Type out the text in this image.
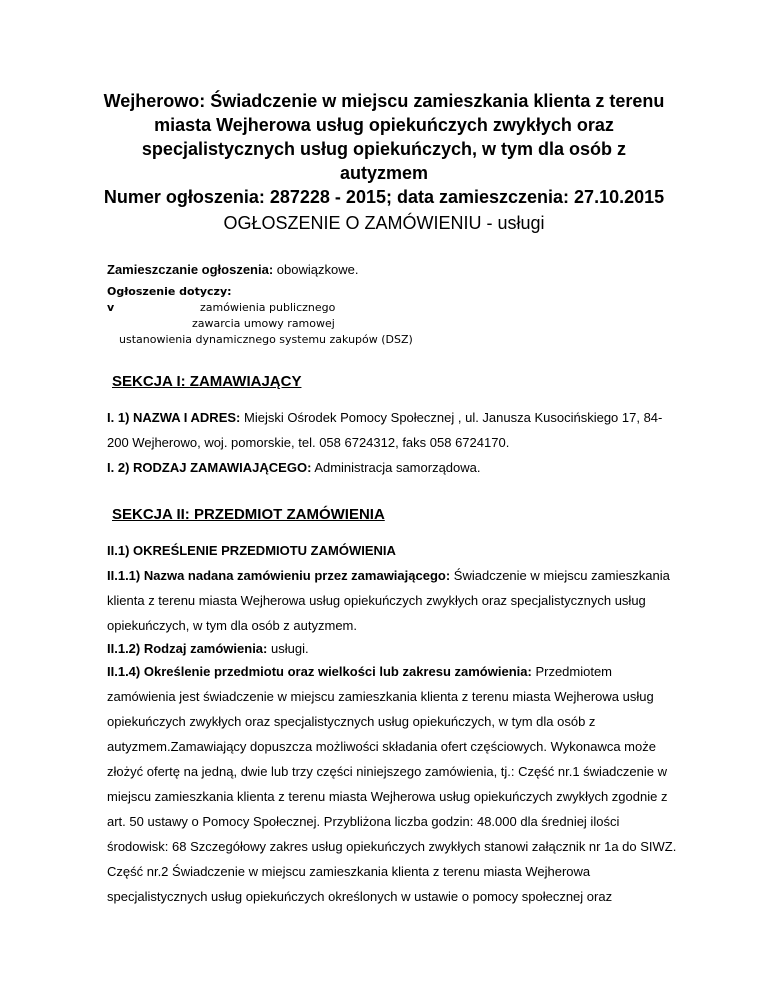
Wejherowo: Świadczenie w miejscu zamieszkania klienta z terenu
miasta Wejherowa usług opiekuńczych zwykłych oraz
specjalistycznych usług opiekuńczych, w tym dla osób z
autyzmem
Numer ogłoszenia: 287228 - 2015; data zamieszczenia: 27.10.2015
OGŁOSZENIE O ZAMÓWIENIU - usługi
Zamieszczanie ogłoszenia: obowiązkowe.
Ogłoszenie dotyczy:
v	zamówienia publicznego
zawarcia umowy ramowej
ustanowienia dynamicznego systemu zakupów (DSZ)
SEKCJA I: ZAMAWIAJĄCY
I. 1) NAZWA I ADRES: Miejski Ośrodek Pomocy Społecznej , ul. Janusza Kusocińskiego 17, 84-
200 Wejherowo, woj. pomorskie, tel. 058 6724312, faks 058 6724170.
I. 2) RODZAJ ZAMAWIAJĄCEGO: Administracja samorządowa.
SEKCJA II: PRZEDMIOT ZAMÓWIENIA
II.1) OKREŚLENIE PRZEDMIOTU ZAMÓWIENIA
II.1.1) Nazwa nadana zamówieniu przez zamawiającego: Świadczenie w miejscu zamieszkania
klienta z terenu miasta Wejherowa usług opiekuńczych zwykłych oraz specjalistycznych usług
opiekuńczych, w tym dla osób z autyzmem.
II.1.2) Rodzaj zamówienia: usługi.
II.1.4) Określenie przedmiotu oraz wielkości lub zakresu zamówienia: Przedmiotem
zamówienia jest świadczenie w miejscu zamieszkania klienta z terenu miasta Wejherowa usług
opiekuńczych zwykłych oraz specjalistycznych usług opiekuńczych, w tym dla osób z
autyzmem.Zamawiający dopuszcza możliwości składania ofert częściowych. Wykonawca może
złożyć ofertę na jedną, dwie lub trzy części niniejszego zamówienia, tj.: Część nr.1 świadczenie w
miejscu zamieszkania klienta z terenu miasta Wejherowa usług opiekuńczych zwykłych zgodnie z
art. 50 ustawy o Pomocy Społecznej. Przybliżona liczba godzin: 48.000 dla średniej ilości
środowisk: 68 Szczegółowy zakres usług opiekuńczych zwykłych stanowi załącznik nr 1a do SIWZ.
Część nr.2 Świadczenie w miejscu zamieszkania klienta z terenu miasta Wejherowa
specjalistycznych usług opiekuńczych określonych w ustawie o pomocy społecznej oraz
